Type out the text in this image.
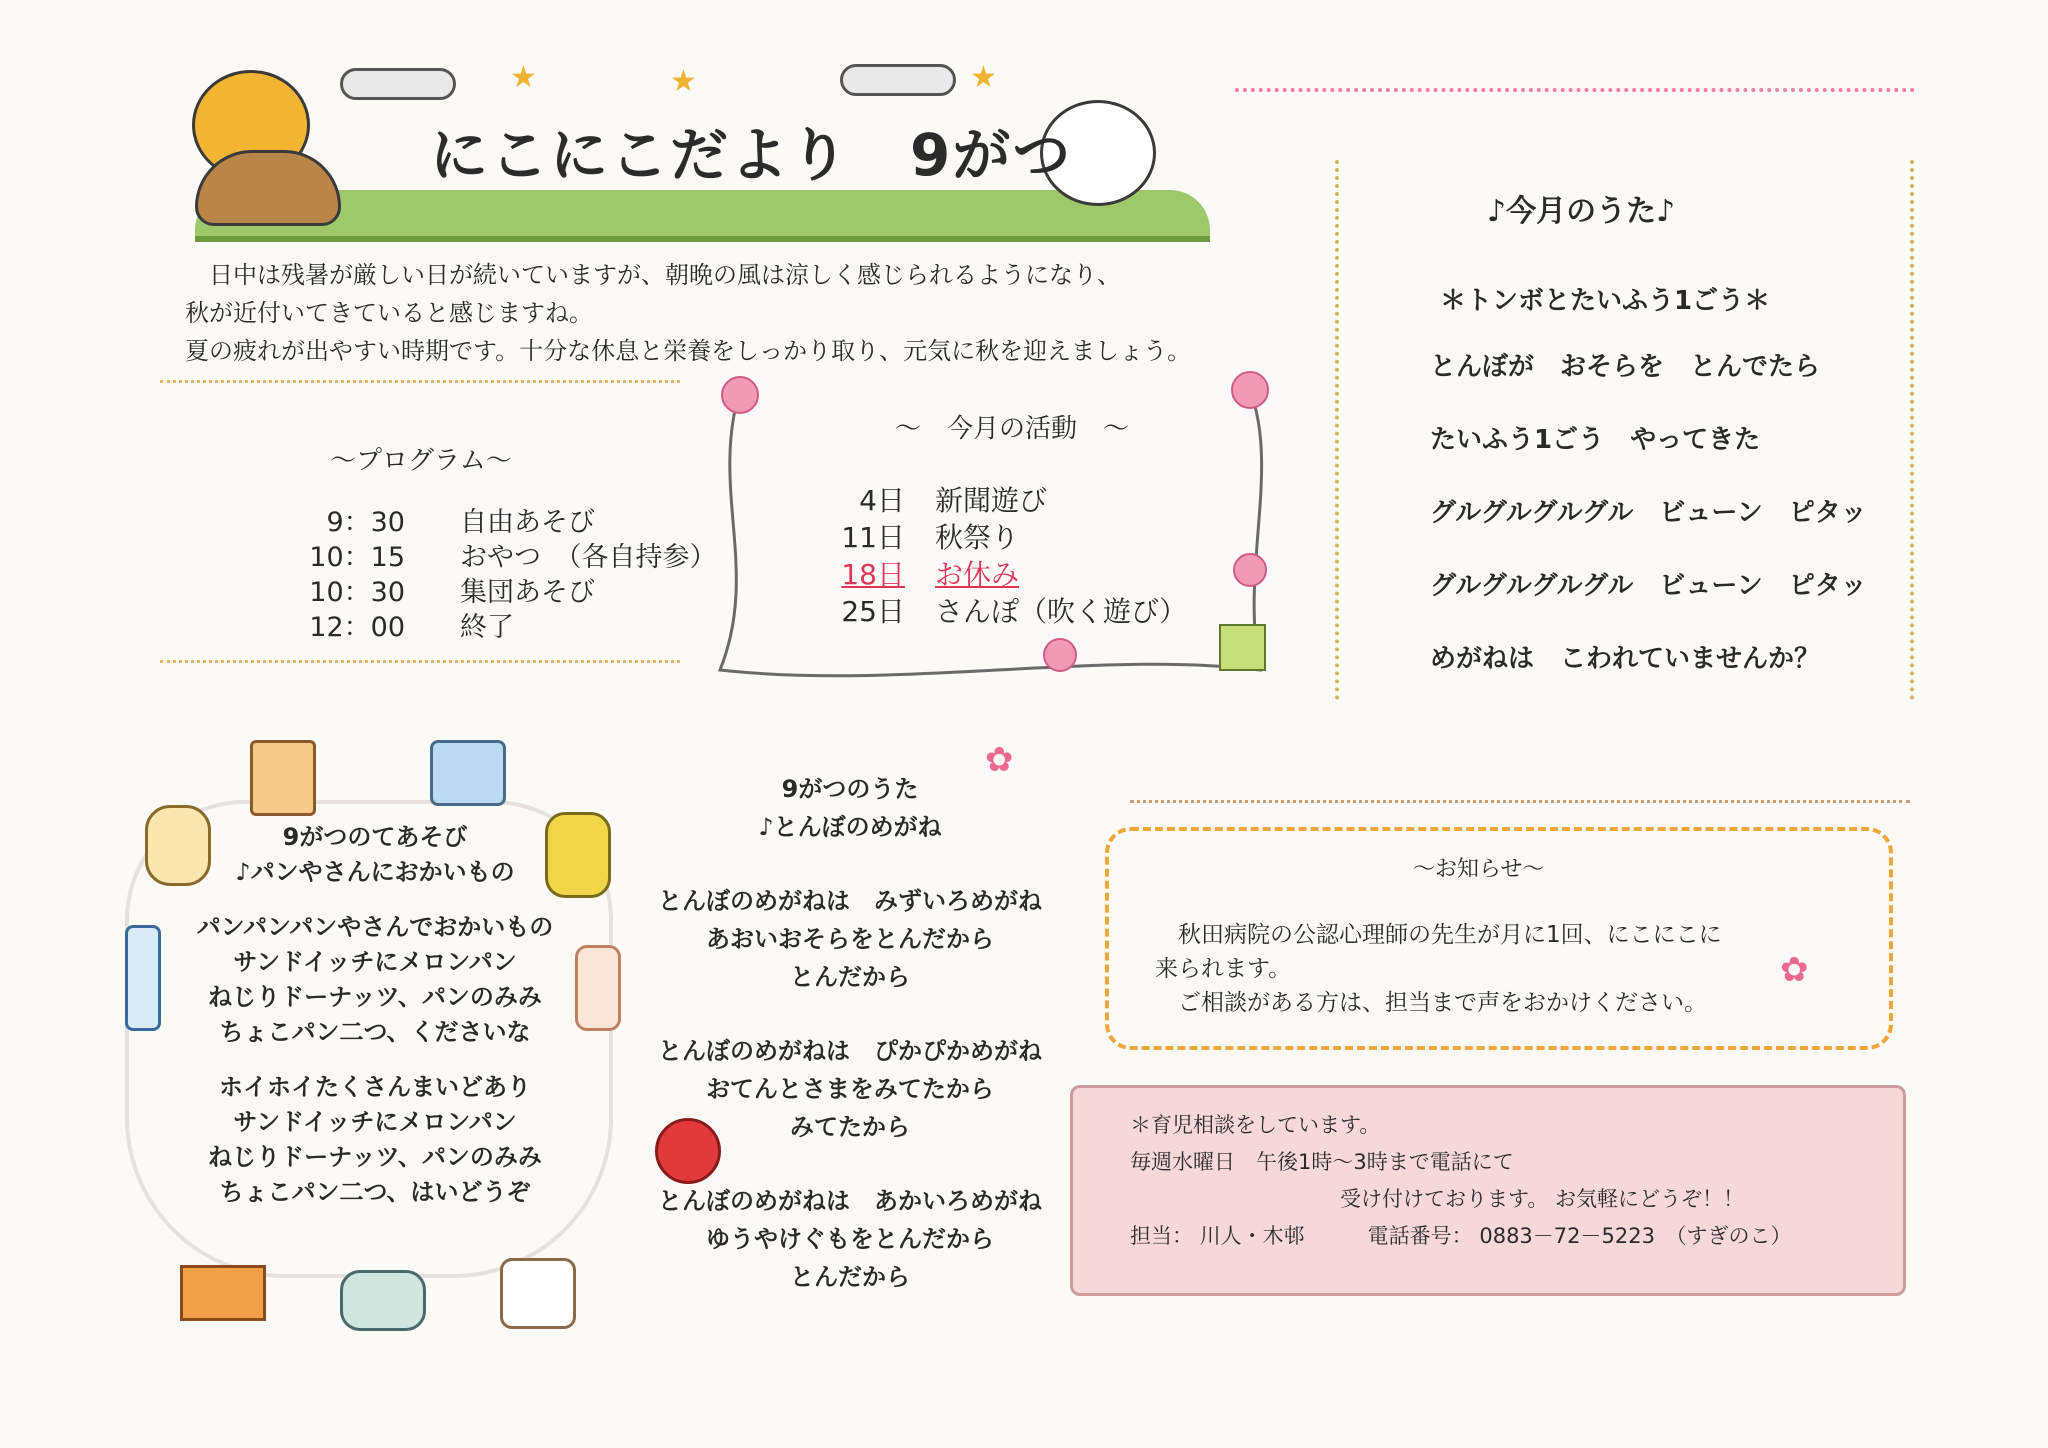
★	★	★
にこにこだより　9がつ
　日中は残暑が厳しい日が続いていますが、朝晩の風は涼しく感じられるようになり、
秋が近付いてきていると感じますね。
夏の疲れが出やすい時期です。十分な休息と栄養をしっかり取り、元気に秋を迎えましょう。
～プログラム～
9：30	自由あそび
10：15	おやつ　（各自持参）
10：30	集団あそび
12：00	終了
～　今月の活動　～
4日	新聞遊び
11日	秋祭り
18日	お休み
25日	さんぽ（吹く遊び）
♪今月のうた♪
＊トンボとたいふう1ごう＊
とんぼが　おそらを　とんでたら
たいふう1ごう　やってきた
グルグルグルグル　ビューン　ピタッ
グルグルグルグル　ビューン　ピタッ
めがねは　こわれていませんか？
9がつのてあそび
♪パンやさんにおかいもの
パンパンパンやさんでおかいもの
サンドイッチにメロンパン
ねじりドーナッツ、パンのみみ
ちょこパン二つ、くださいな
ホイホイたくさんまいどあり
サンドイッチにメロンパン
ねじりドーナッツ、パンのみみ
ちょこパン二つ、はいどうぞ
9がつのうた
♪とんぼのめがね
とんぼのめがねは　みずいろめがね
あおいおそらをとんだから
とんだから
とんぼのめがねは　ぴかぴかめがね
おてんとさまをみてたから
みてたから
とんぼのめがねは　あかいろめがね
ゆうやけぐもをとんだから
とんだから
✿
～お知らせ～
　秋田病院の公認心理師の先生が月に1回、にこにこに
来られます。
　ご相談がある方は、担当まで声をおかけください。
✿
＊育児相談をしています。
毎週水曜日　午後1時～3時まで電話にて
　　　　　　　　　　受け付けております。 お気軽にどうぞ！！
担当： 川人・木邨　　　電話番号： 0883－72－5223　（すぎのこ）
